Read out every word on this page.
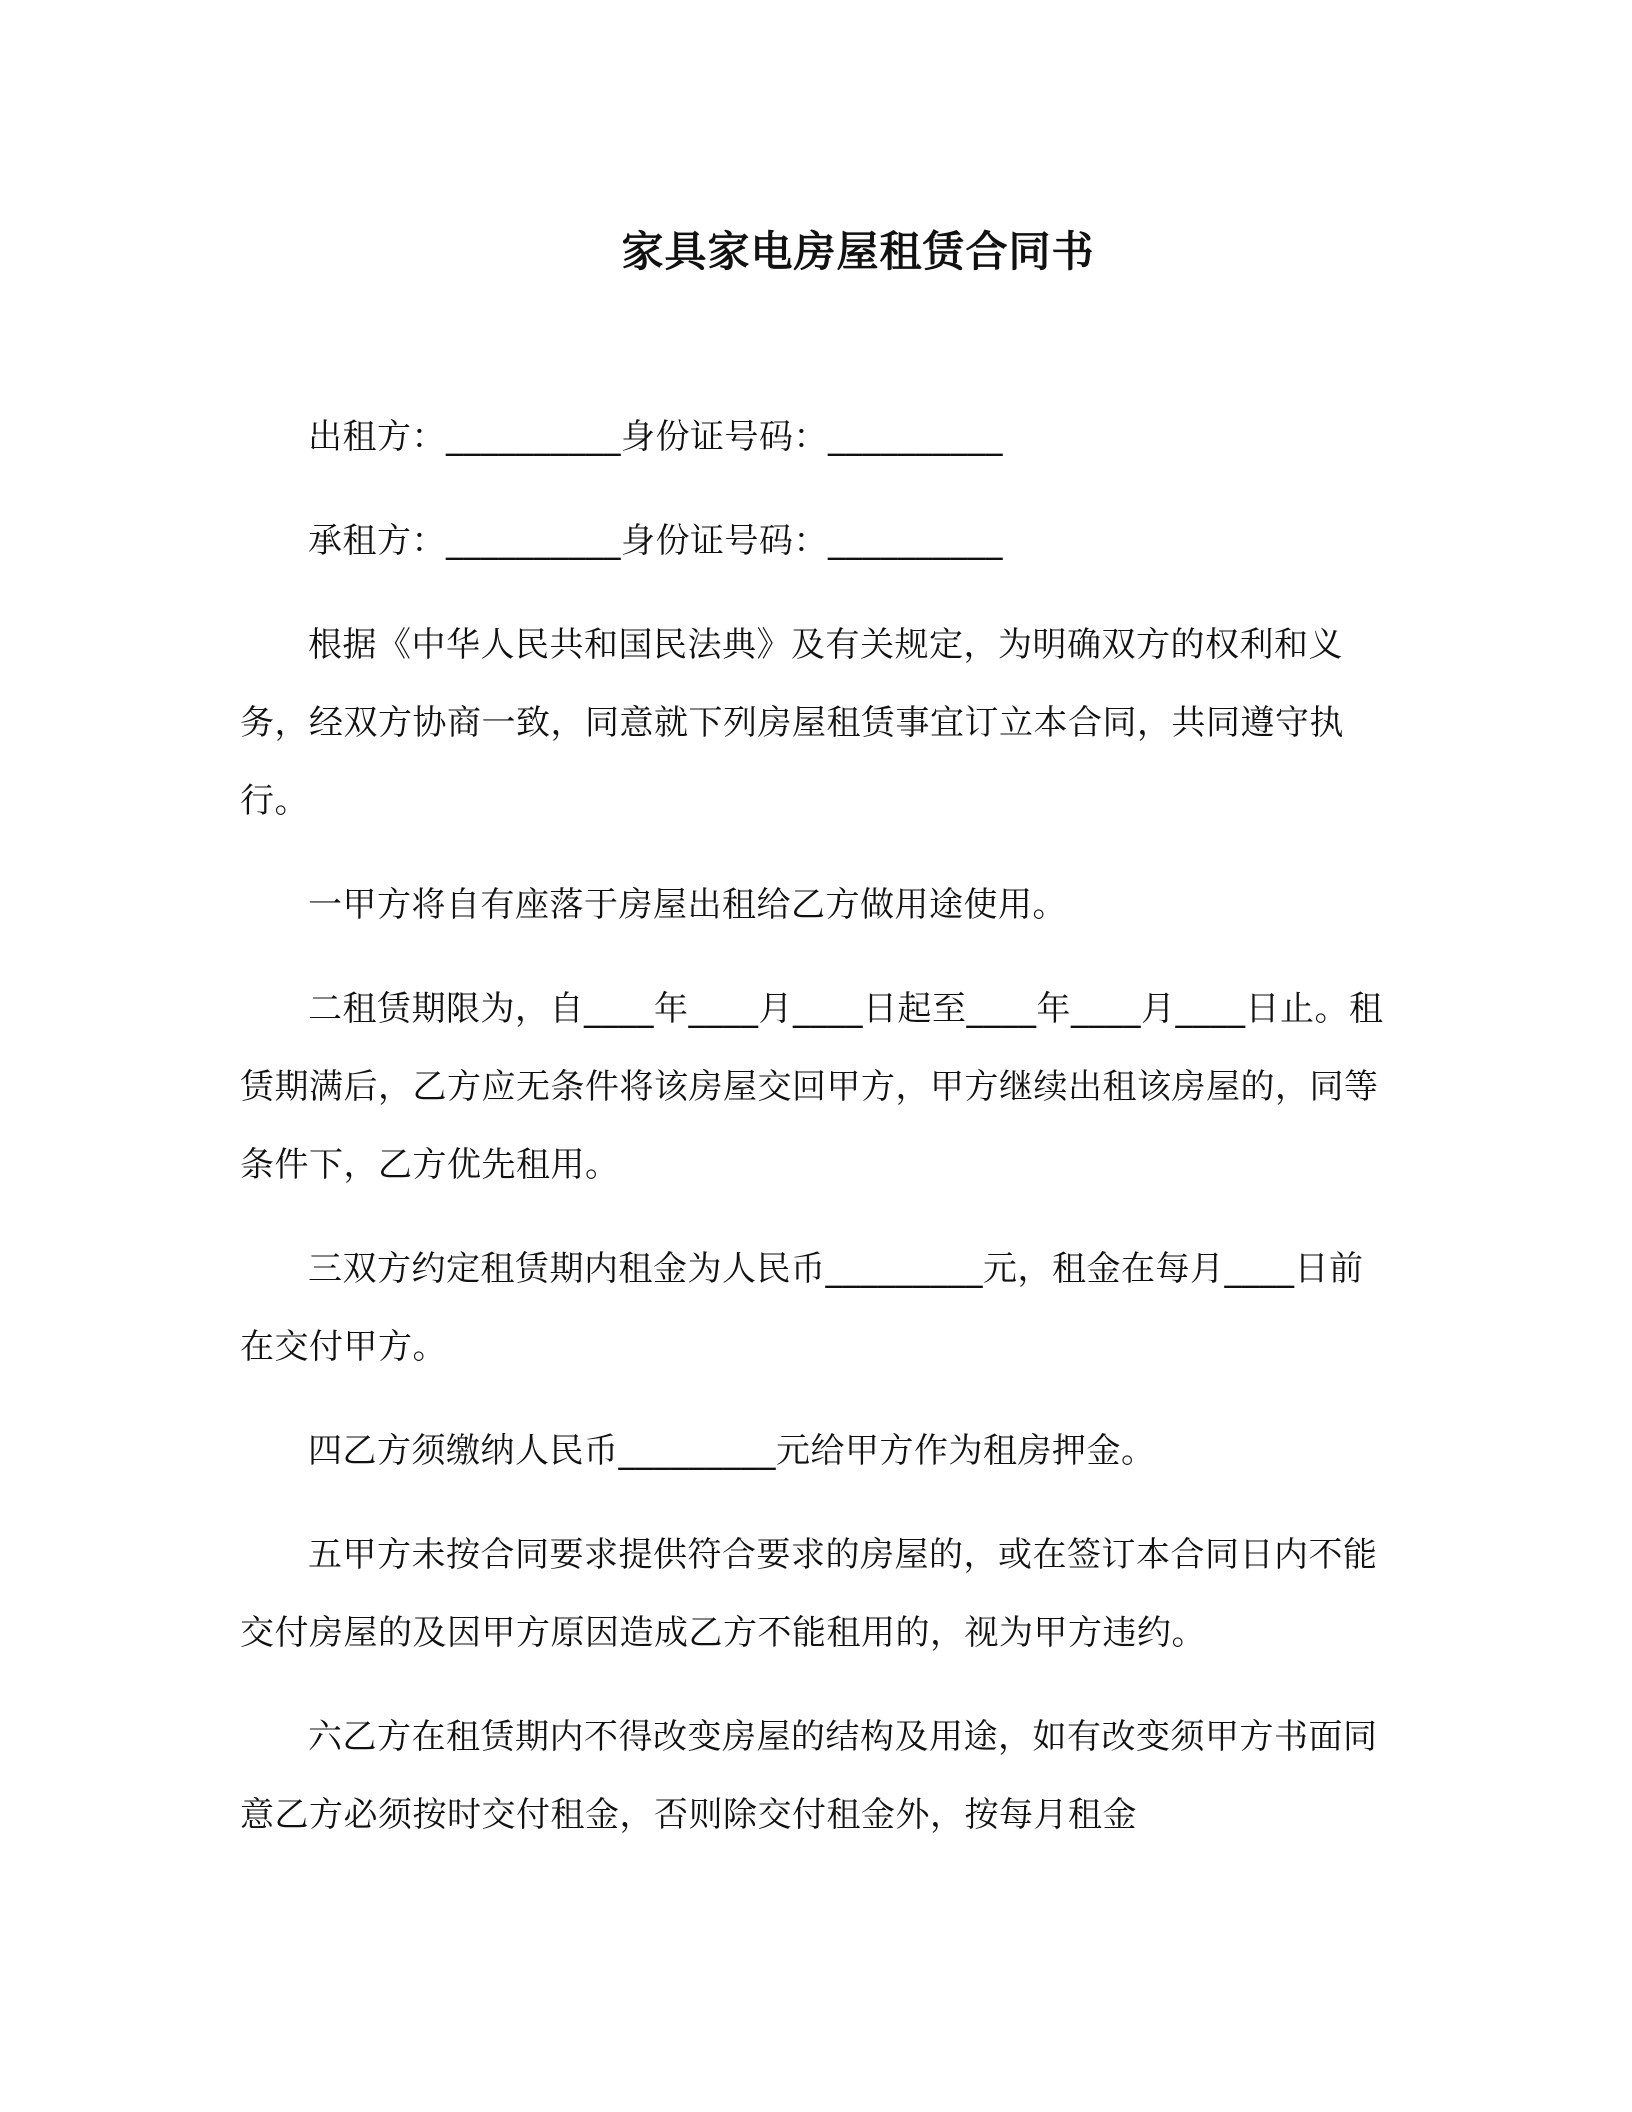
家具家电房屋租赁合同书

出租方：__________身份证号码：__________

承租方：__________身份证号码：__________

根据《中华人民共和国民法典》及有关规定，为明确双方的权利和义务，经双方协商一致，同意就下列房屋租赁事宜订立本合同，共同遵守执行。

一甲方将自有座落于房屋出租给乙方做用途使用。

二租赁期限为，自____年____月____日起至____年____月____日止。租赁期满后，乙方应无条件将该房屋交回甲方，甲方继续出租该房屋的，同等条件下，乙方优先租用。

三双方约定租赁期内租金为人民币_________元，租金在每月____日前在交付甲方。

四乙方须缴纳人民币_________元给甲方作为租房押金。

五甲方未按合同要求提供符合要求的房屋的，或在签订本合同日内不能交付房屋的及因甲方原因造成乙方不能租用的，视为甲方违约。

六乙方在租赁期内不得改变房屋的结构及用途，如有改变须甲方书面同意乙方必须按时交付租金，否则除交付租金外，按每月租金
